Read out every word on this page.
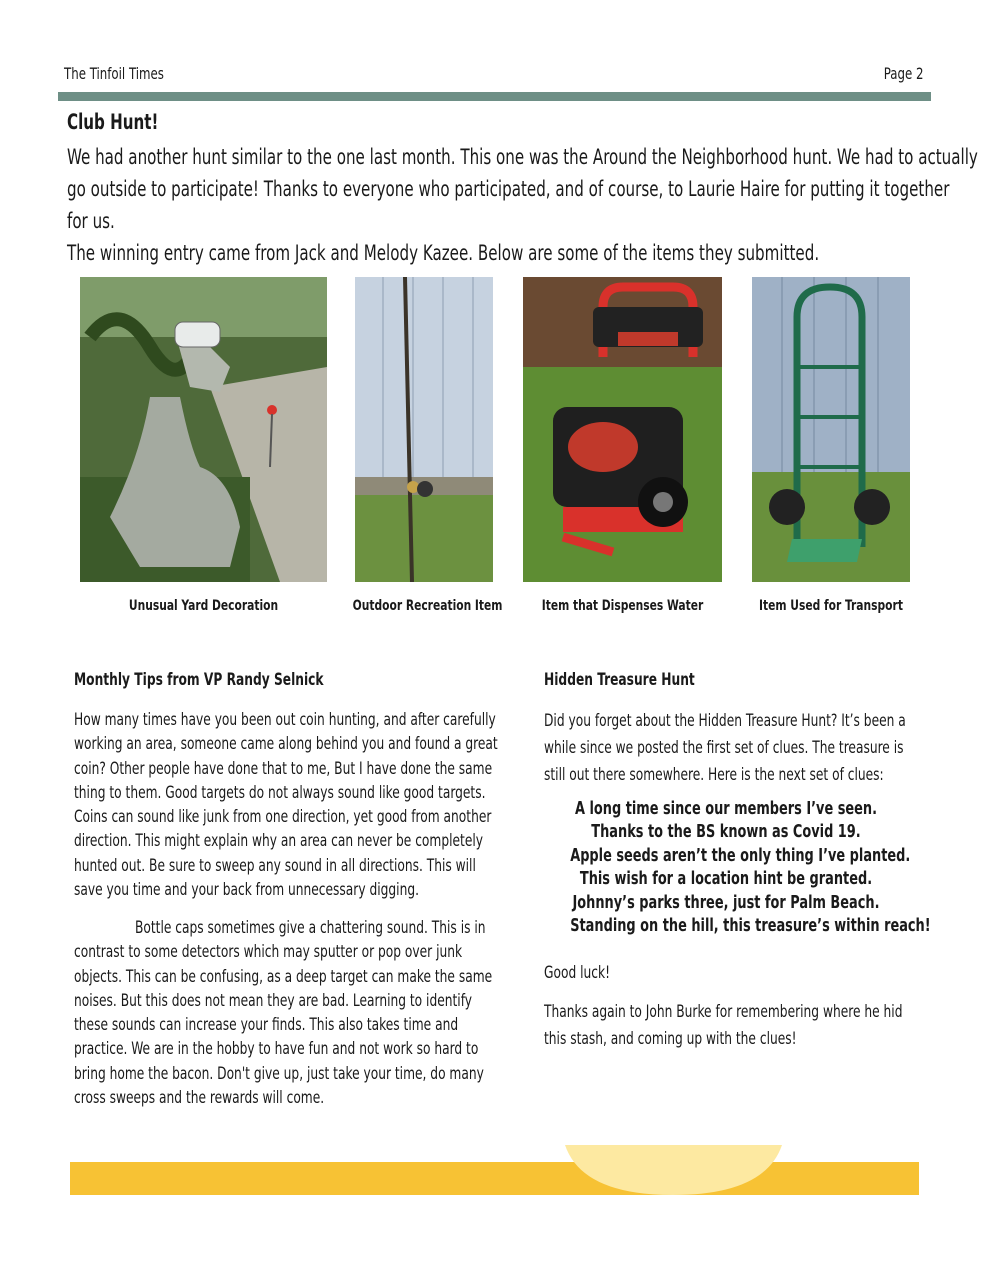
The Tinfoil Times	Page 2
Club Hunt!
We had another hunt similar to the one last month. This one was the Around the Neighborhood hunt. We had to actually
go outside to participate! Thanks to everyone who participated, and of course, to Laurie Haire for putting it together
for us.
The winning entry came from Jack and Melody Kazee. Below are some of the items they submitted.
Unusual Yard Decoration	Outdoor Recreation Item	Item that Dispenses Water	Item Used for Transport
Monthly Tips from VP Randy Selnick
How many times have you been out coin hunting, and after carefully
working an area, someone came along behind you and found a great
coin? Other people have done that to me, But I have done the same
thing to them. Good targets do not always sound like good targets.
Coins can sound like junk from one direction, yet good from another
direction. This might explain why an area can never be completely
hunted out. Be sure to sweep any sound in all directions. This will
save you time and your back from unnecessary digging.
Bottle caps sometimes give a chattering sound. This is in
contrast to some detectors which may sputter or pop over junk
objects. This can be confusing, as a deep target can make the same
noises. But this does not mean they are bad. Learning to identify
these sounds can increase your finds. This also takes time and
practice. We are in the hobby to have fun and not work so hard to
bring home the bacon. Don't give up, just take your time, do many
cross sweeps and the rewards will come.
Hidden Treasure Hunt
Did you forget about the Hidden Treasure Hunt? It’s been a
while since we posted the first set of clues. The treasure is
still out there somewhere. Here is the next set of clues:
A long time since our members I’ve seen.
Thanks to the BS known as Covid 19.
Apple seeds aren’t the only thing I’ve planted.
This wish for a location hint be granted.
Johnny’s parks three, just for Palm Beach.
Standing on the hill, this treasure’s within reach!
Good luck!
Thanks again to John Burke for remembering where he hid
this stash, and coming up with the clues!
